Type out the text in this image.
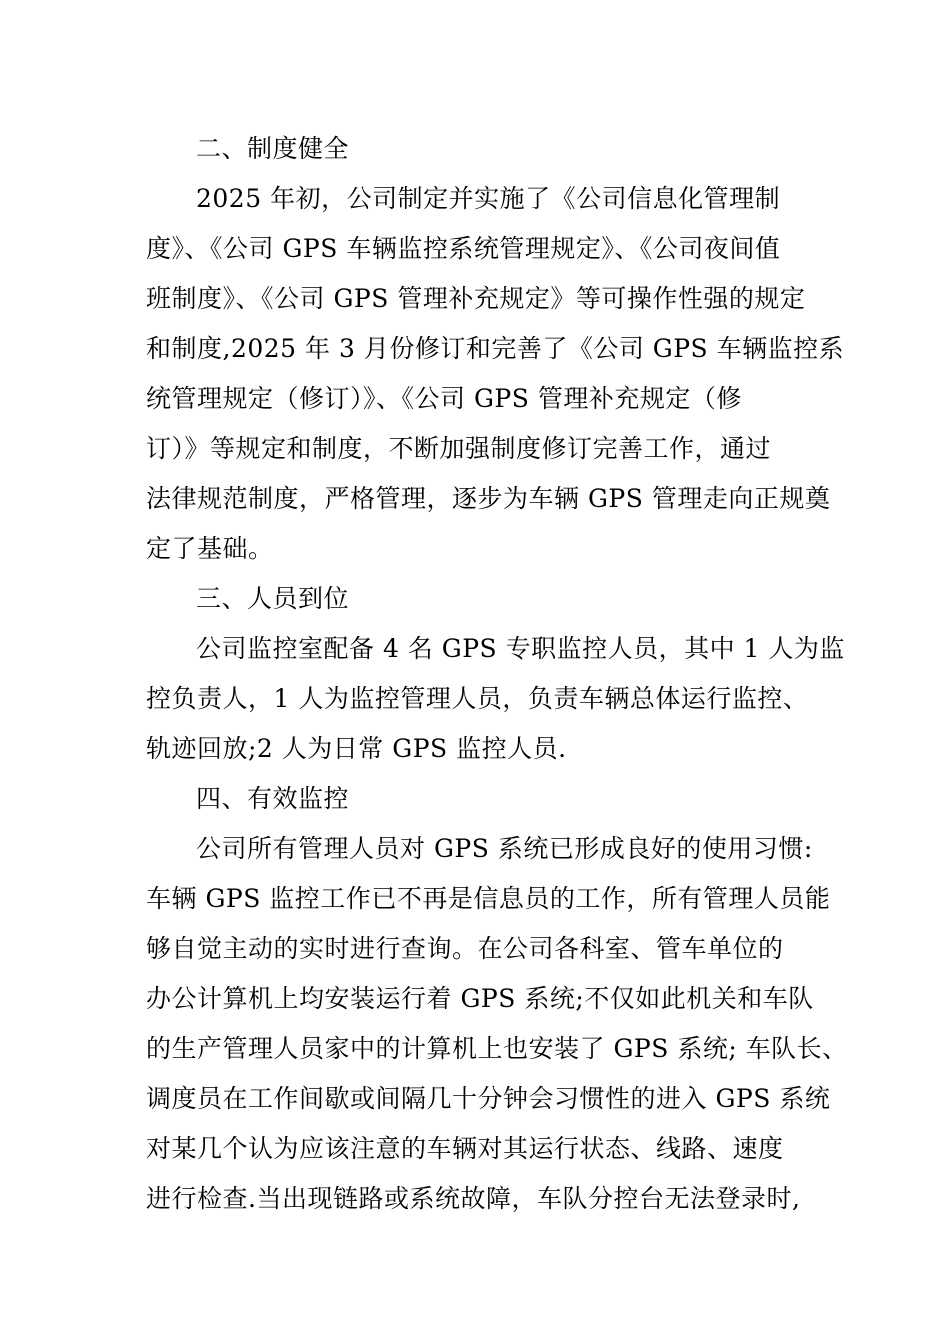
二、制度健全
2025 年初，公司制定并实施了《公司信息化管理制
度》、《公司 GPS 车辆监控系统管理规定》、《公司夜间值
班制度》、《公司 GPS 管理补充规定》等可操作性强的规定
和制度,2025 年 3 月份修订和完善了《公司 GPS 车辆监控系
统管理规定（修订）》、《公司 GPS 管理补充规定（修
订）》等规定和制度，不断加强制度修订完善工作，通过
法律规范制度，严格管理，逐步为车辆 GPS 管理走向正规奠
定了基础。
三、人员到位
公司监控室配备 4 名 GPS 专职监控人员，其中 1 人为监
控负责人，1 人为监控管理人员，负责车辆总体运行监控、
轨迹回放;2 人为日常 GPS 监控人员.
四、有效监控
公司所有管理人员对 GPS 系统已形成良好的使用习惯:
车辆 GPS 监控工作已不再是信息员的工作，所有管理人员能
够自觉主动的实时进行查询。在公司各科室、管车单位的
办公计算机上均安装运行着 GPS 系统;不仅如此机关和车队
的生产管理人员家中的计算机上也安装了 GPS 系统; 车队长、
调度员在工作间歇或间隔几十分钟会习惯性的进入 GPS 系统
对某几个认为应该注意的车辆对其运行状态、线路、速度
进行检查.当出现链路或系统故障，车队分控台无法登录时,
